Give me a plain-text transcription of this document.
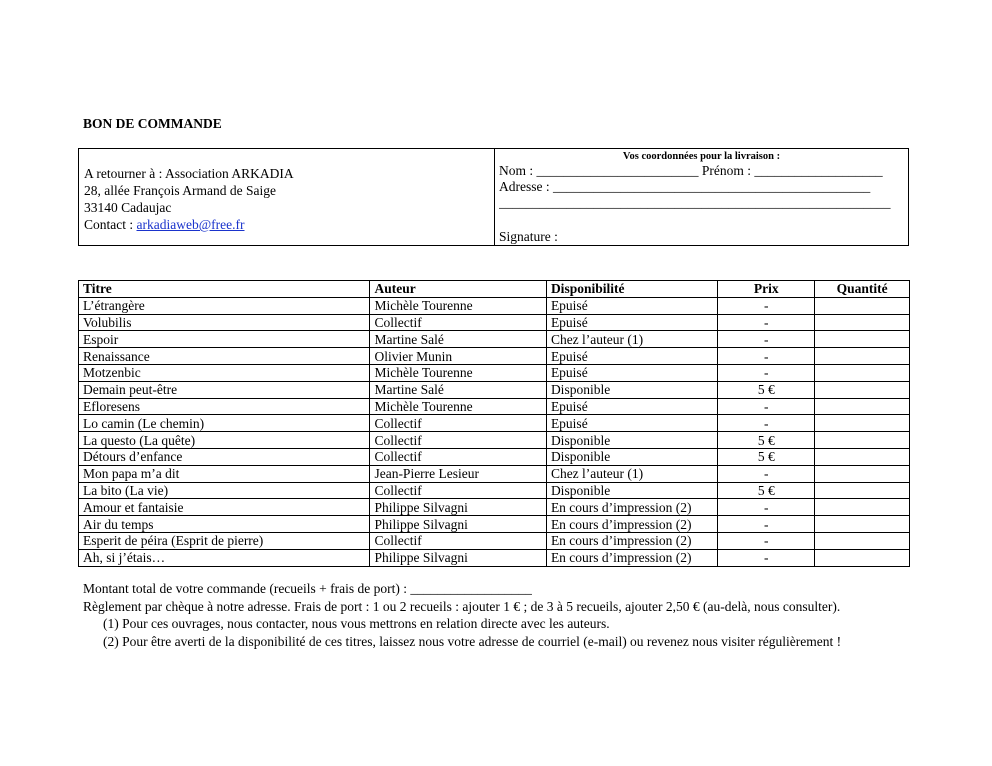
BON DE COMMANDE
A retourner à : Association ARKADIA
28, allée François Armand de Saige
33140 Cadaujac
Contact : arkadiaweb@free.fr
Vos coordonnées pour la livraison :
Nom : ________________________ Prénom : ___________________
Adresse : _______________________________________________
__________________________________________________________
Signature :
Titre	Auteur	Disponibilité	Prix	Quantité
L’étrangère	Michèle Tourenne	Epuisé	-	
Volubilis	Collectif	Epuisé	-	
Espoir	Martine Salé	Chez l’auteur (1)	-	
Renaissance	Olivier Munin	Epuisé	-	
Motzenbic	Michèle Tourenne	Epuisé	-	
Demain peut-être	Martine Salé	Disponible	5 €	
Efloresens	Michèle Tourenne	Epuisé	-	
Lo camin (Le chemin)	Collectif	Epuisé	-	
La questo (La quête)	Collectif	Disponible	5 €	
Détours d’enfance	Collectif	Disponible	5 €	
Mon papa m’a dit	Jean-Pierre Lesieur	Chez l’auteur (1)	-	
La bito (La vie)	Collectif	Disponible	5 €	
Amour et fantaisie	Philippe Silvagni	En cours d’impression (2)	-	
Air du temps	Philippe Silvagni	En cours d’impression (2)	-	
Esperit de péira (Esprit de pierre)	Collectif	En cours d’impression (2)	-	
Ah, si j’étais…	Philippe Silvagni	En cours d’impression (2)	-	
Montant total de votre commande (recueils + frais de port) : __________________
Règlement par chèque à notre adresse. Frais de port : 1 ou 2 recueils : ajouter 1 € ; de 3 à 5 recueils, ajouter 2,50 € (au-delà, nous consulter).
(1) Pour ces ouvrages, nous contacter, nous vous mettrons en relation directe avec les auteurs.
(2) Pour être averti de la disponibilité de ces titres, laissez nous votre adresse de courriel (e-mail) ou revenez nous visiter régulièrement !
